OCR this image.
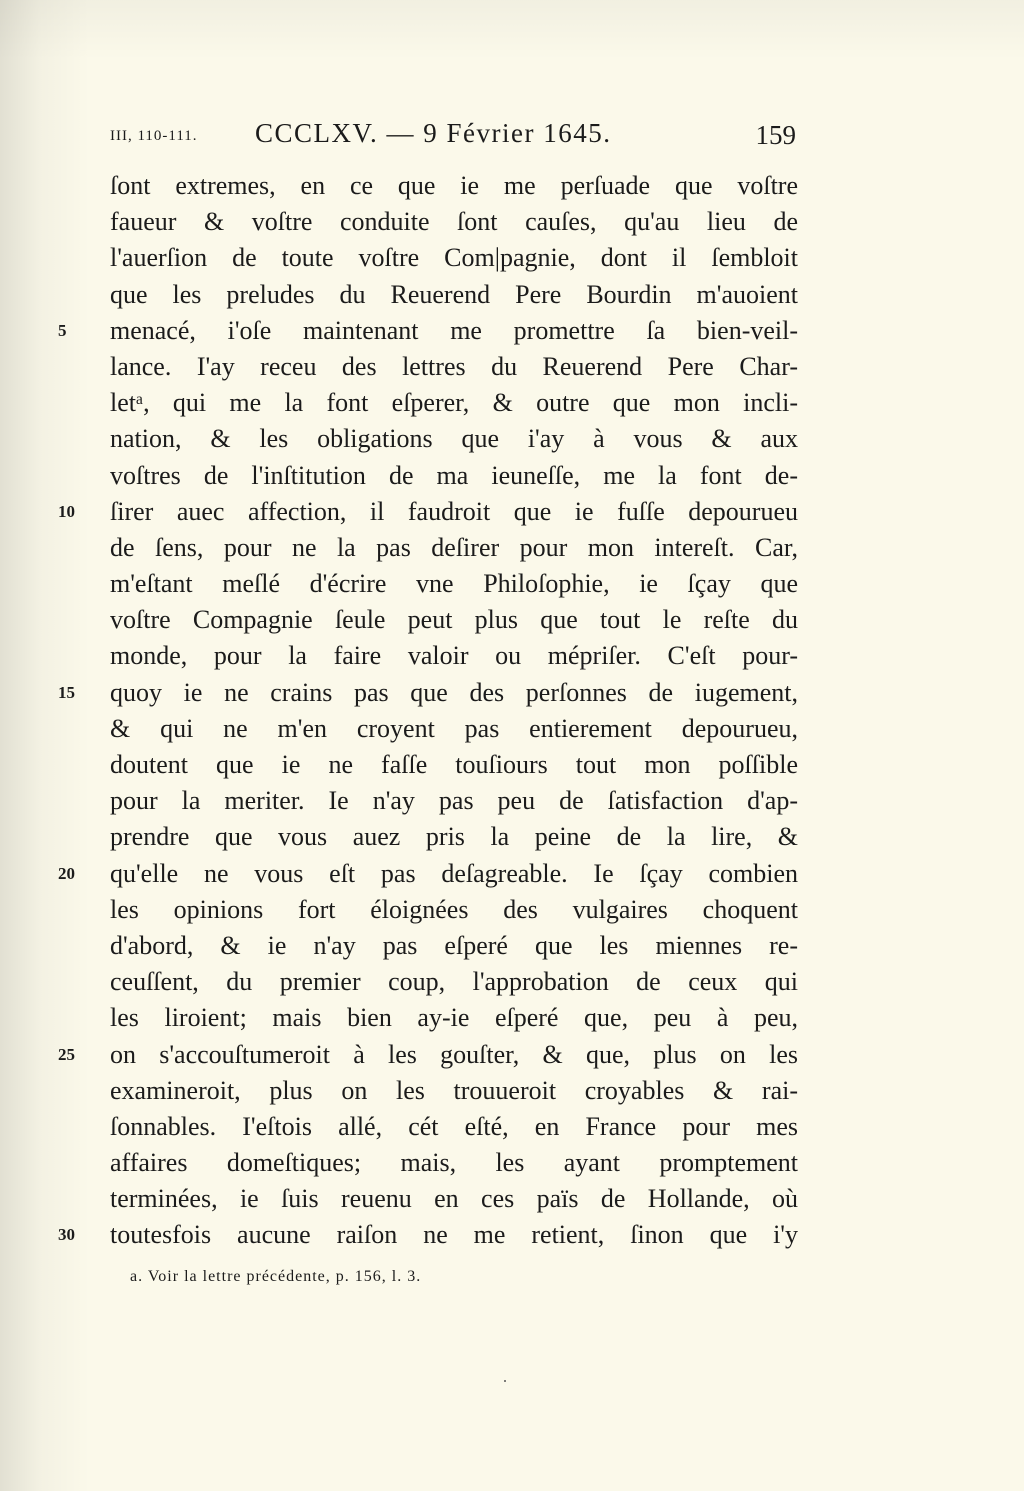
III, 110-111. CCCLXV. — 9 Février 1645.	159
ſont extremes, en ce que ie me perſuade que voſtre
faueur & voſtre conduite ſont cauſes, qu'au lieu de
l'auerſion de toute voſtre Com|pagnie, dont il ſembloit
que les preludes du Reuerend Pere Bourdin m'auoient
5	menacé, i'oſe maintenant me promettre ſa bien-veil-
lance. I'ay receu des lettres du Reuerend Pere Char-
letᵃ, qui me la font eſperer, & outre que mon incli-
nation, & les obligations que i'ay à vous & aux
voſtres de l'inſtitution de ma ieuneſſe, me la font de-
10	ſirer auec affection, il faudroit que ie fuſſe depourueu
de ſens, pour ne la pas deſirer pour mon intereſt. Car,
m'eſtant meſlé d'écrire vne Philoſophie, ie ſçay que
voſtre Compagnie ſeule peut plus que tout le reſte du
monde, pour la faire valoir ou mépriſer. C'eſt pour-
15	quoy ie ne crains pas que des perſonnes de iugement,
& qui ne m'en croyent pas entierement depourueu,
doutent que ie ne faſſe touſiours tout mon poſſible
pour la meriter. Ie n'ay pas peu de ſatisfaction d'ap-
prendre que vous auez pris la peine de la lire, &
20	qu'elle ne vous eſt pas deſagreable. Ie ſçay combien
les opinions fort éloignées des vulgaires choquent
d'abord, & ie n'ay pas eſperé que les miennes re-
ceuſſent, du premier coup, l'approbation de ceux qui
les liroient; mais bien ay-ie eſperé que, peu à peu,
25	on s'accouſtumeroit à les gouſter, & que, plus on les
examineroit, plus on les trouueroit croyables & rai-
ſonnables. I'eſtois allé, cét eſté, en France pour mes
affaires domeſtiques; mais, les ayant promptement
terminées, ie ſuis reuenu en ces païs de Hollande, où
30	toutesfois aucune raiſon ne me retient, ſinon que i'y
a. Voir la lettre précédente, p. 156, l. 3.
